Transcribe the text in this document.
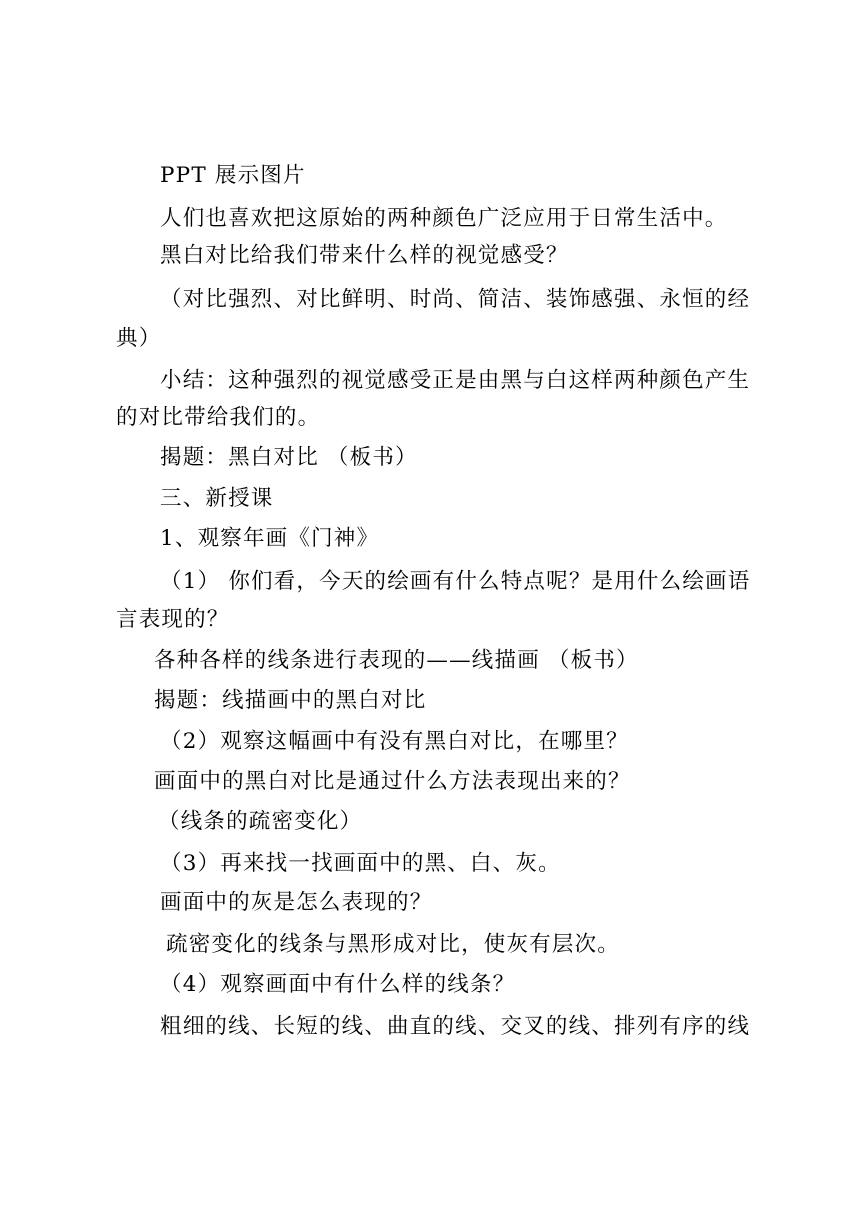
PPT 展示图片
人们也喜欢把这原始的两种颜色广泛应用于日常生活中。
黑白对比给我们带来什么样的视觉感受？
（对比强烈、对比鲜明、时尚、简洁、装饰感强、永恒的经
典）
小结：这种强烈的视觉感受正是由黑与白这样两种颜色产生
的对比带给我们的。
揭题：黑白对比 （板书）
三、新授课
1、观察年画《门神》
（1） 你们看，今天的绘画有什么特点呢？是用什么绘画语
言表现的？
各种各样的线条进行表现的——线描画 （板书）
揭题：线描画中的黑白对比
（2）观察这幅画中有没有黑白对比，在哪里？
画面中的黑白对比是通过什么方法表现出来的？
（线条的疏密变化）
（3）再来找一找画面中的黑、白、灰。
画面中的灰是怎么表现的？
疏密变化的线条与黑形成对比，使灰有层次。
（4）观察画面中有什么样的线条？
粗细的线、长短的线、曲直的线、交叉的线、排列有序的线
